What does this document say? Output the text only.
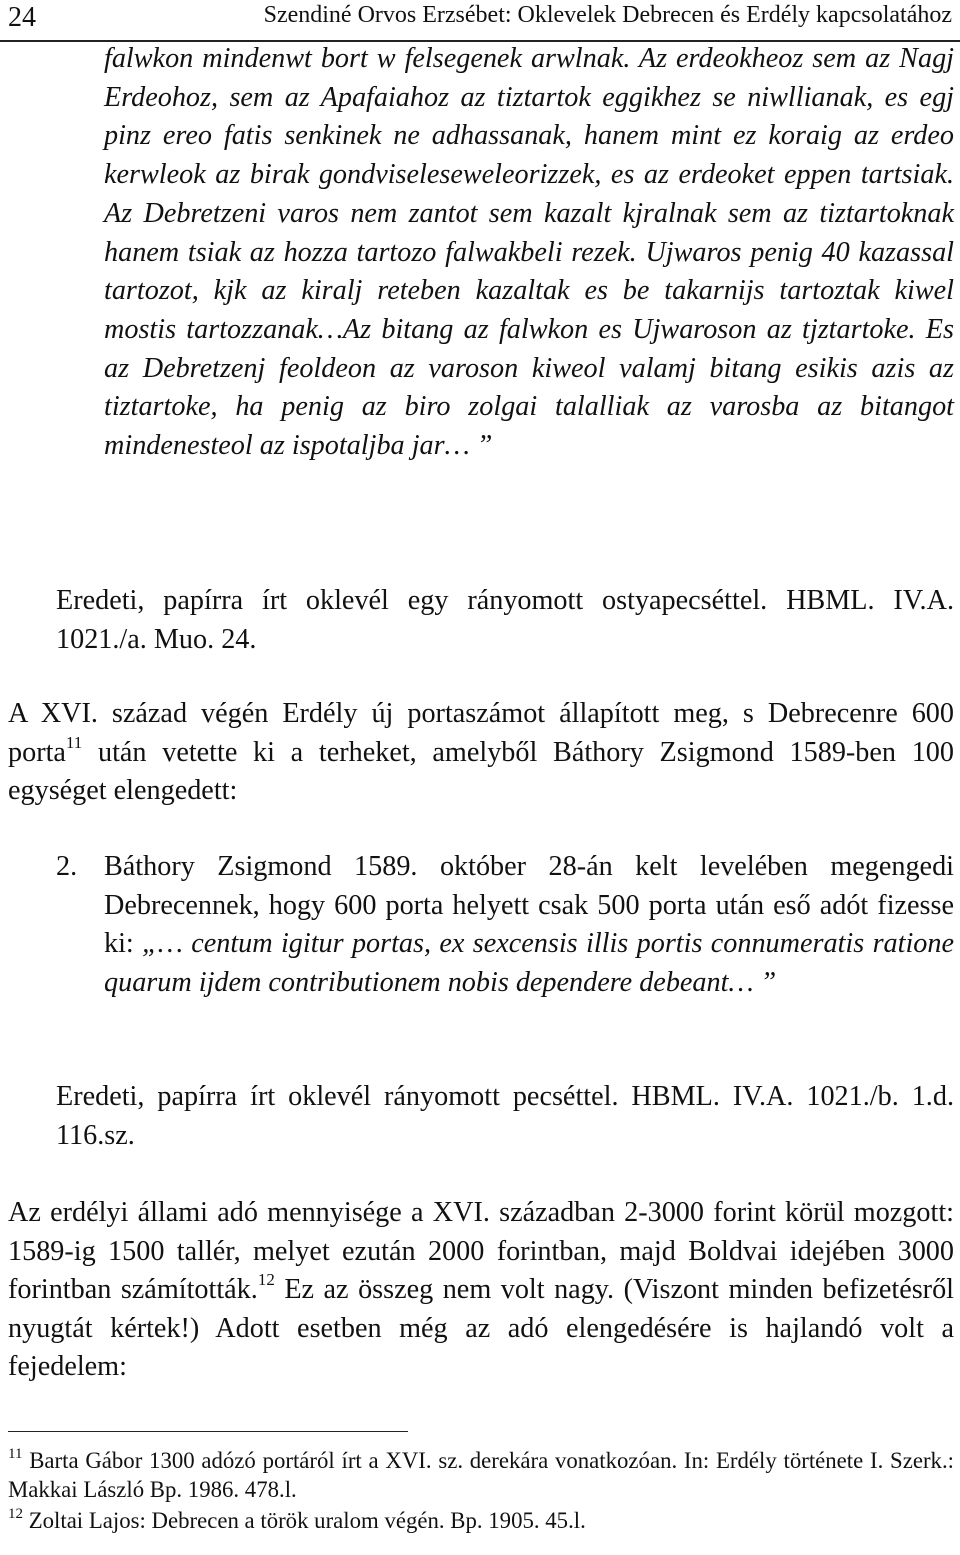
24	Szendiné Orvos Erzsébet: Oklevelek Debrecen és Erdély kapcsolatához

falwkon mindenwt bort w felsegenek arwlnak. Az erdeokheoz sem az Nagj Erdeohoz, sem az Apafaiahoz az tiztartok eggikhez se niwllianak, es egj pinz ereo fatis senkinek ne adhassanak, hanem mint ez koraig az erdeo kerwleok az birak gondviseleseweleorizzek, es az erdeoket eppen tartsiak. Az Debretzeni varos nem zantot sem kazalt kjralnak sem az tiztartoknak hanem tsiak az hozza tartozo falwakbeli rezek. Ujwaros penig 40 kazassal tartozot, kjk az kiralj reteben kazaltak es be takarnijs tartoztak kiwel mostis tartozzanak…Az bitang az falwkon es Ujwaroson az tjztartoke. Es az Debretzenj feoldeon az varoson kiweol valamj bitang esikis azis az tiztartoke, ha penig az biro zolgai talalliak az varosba az bitangot mindenesteol az ispotaljba jar… ”

Eredeti, papírra írt oklevél egy rányomott ostyapecséttel. HBML. IV.A. 1021./a. Muo. 24.

A XVI. század végén Erdély új portaszámot állapított meg, s Debrecenre 600 porta$^{11}$ után vetette ki a terheket, amelyből Báthory Zsigmond 1589-ben 100 egységet elengedett:

2. Báthory Zsigmond 1589. október 28-án kelt levelében megengedi Debrecennek, hogy 600 porta helyett csak 500 porta után eső adót fizesse ki: „… centum igitur portas, ex sexcensis illis portis connumeratis ratione quarum ijdem contributionem nobis dependere debeant… ”

Eredeti, papírra írt oklevél rányomott pecséttel. HBML. IV.A. 1021./b. 1.d. 116.sz.

Az erdélyi állami adó mennyisége a XVI. században 2-3000 forint körül mozgott: 1589-ig 1500 tallér, melyet ezután 2000 forintban, majd Boldvai idejében 3000 forintban számították.$^{12}$ Ez az összeg nem volt nagy. (Viszont minden befizetésről nyugtát kértek!) Adott esetben még az adó elengedésére is hajlandó volt a fejedelem:

$^{11}$ Barta Gábor 1300 adózó portáról írt a XVI. sz. derekára vonatkozóan. In: Erdély története I. Szerk.: Makkai László Bp. 1986. 478.l.

$^{12}$ Zoltai Lajos: Debrecen a török uralom végén. Bp. 1905. 45.l.
